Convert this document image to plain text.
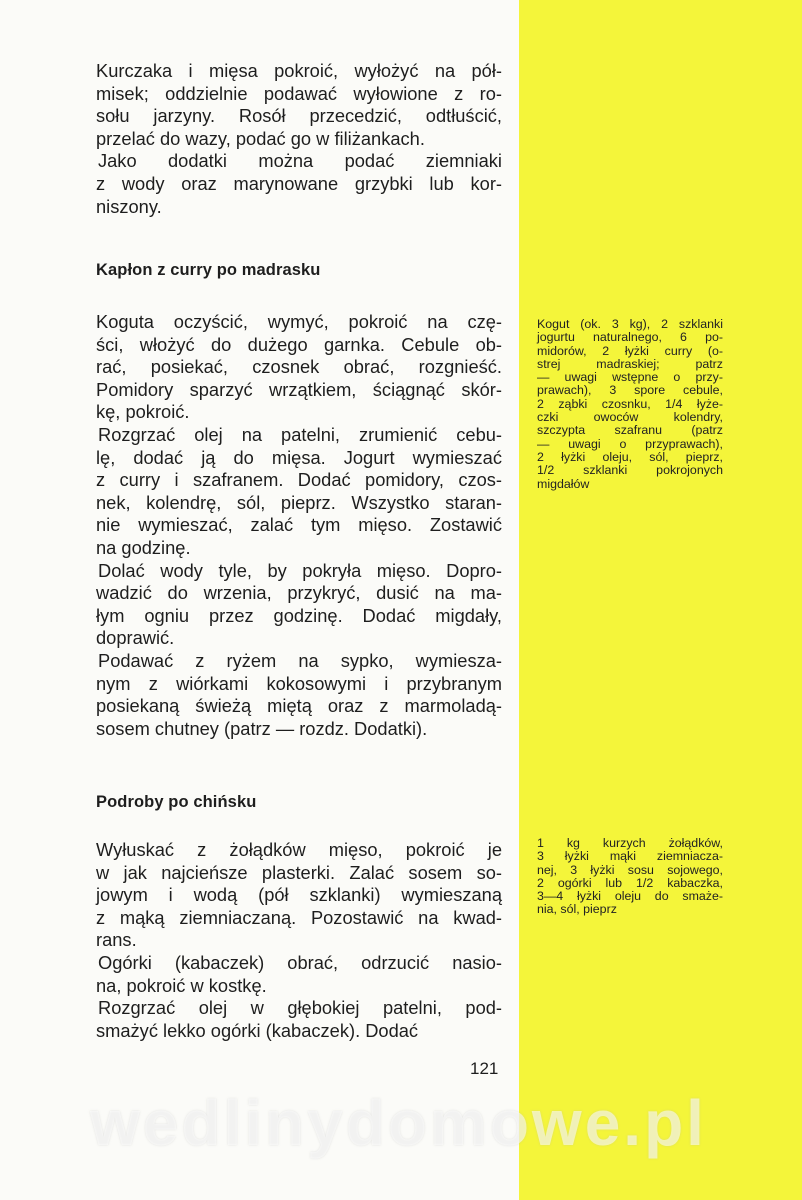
Kurczaka i mięsa pokroić, wyłożyć na pół-
misek; oddzielnie podawać wyłowione z ro-
sołu jarzyny. Rosół przecedzić, odtłuścić,
przelać do wazy, podać go w filiżankach.
Jako dodatki można podać ziemniaki
z wody oraz marynowane grzybki lub kor-
niszony.
Kapłon z curry po madrasku
Koguta oczyścić, wymyć, pokroić na czę-
ści, włożyć do dużego garnka. Cebule ob-
rać, posiekać, czosnek obrać, rozgnieść.
Pomidory sparzyć wrzątkiem, ściągnąć skór-
kę, pokroić.
Rozgrzać olej na patelni, zrumienić cebu-
lę, dodać ją do mięsa. Jogurt wymieszać
z curry i szafranem. Dodać pomidory, czos-
nek, kolendrę, sól, pieprz. Wszystko staran-
nie wymieszać, zalać tym mięso. Zostawić
na godzinę.
Dolać wody tyle, by pokryła mięso. Dopro-
wadzić do wrzenia, przykryć, dusić na ma-
łym ogniu przez godzinę. Dodać migdały,
doprawić.
Podawać z ryżem na sypko, wymiesza-
nym z wiórkami kokosowymi i przybranym
posiekaną świeżą miętą oraz z marmoladą-
sosem chutney (patrz — rozdz. Dodatki).
Podroby po chińsku
Wyłuskać z żołądków mięso, pokroić je
w jak najcieńsze plasterki. Zalać sosem so-
jowym i wodą (pół szklanki) wymieszaną
z mąką ziemniaczaną. Pozostawić na kwad-
rans.
Ogórki (kabaczek) obrać, odrzucić nasio-
na, pokroić w kostkę.
Rozgrzać olej w głębokiej patelni, pod-
smażyć lekko ogórki (kabaczek). Dodać
Kogut (ok. 3 kg), 2 szklanki
jogurtu naturalnego, 6 po-
midorów, 2 łyżki curry (o-
strej madraskiej; patrz
— uwagi wstępne o przy-
prawach), 3 spore cebule,
2 ząbki czosnku, 1/4 łyże-
czki owoców kolendry,
szczypta szafranu (patrz
— uwagi o przyprawach),
2 łyżki oleju, sól, pieprz,
1/2 szklanki pokrojonych
migdałów
1 kg kurzych żołądków,
3 łyżki mąki ziemniacza-
nej, 3 łyżki sosu sojowego,
2 ogórki lub 1/2 kabaczka,
3—4 łyżki oleju do smaże-
nia, sól, pieprz
121
wedlinydomowe.pl
